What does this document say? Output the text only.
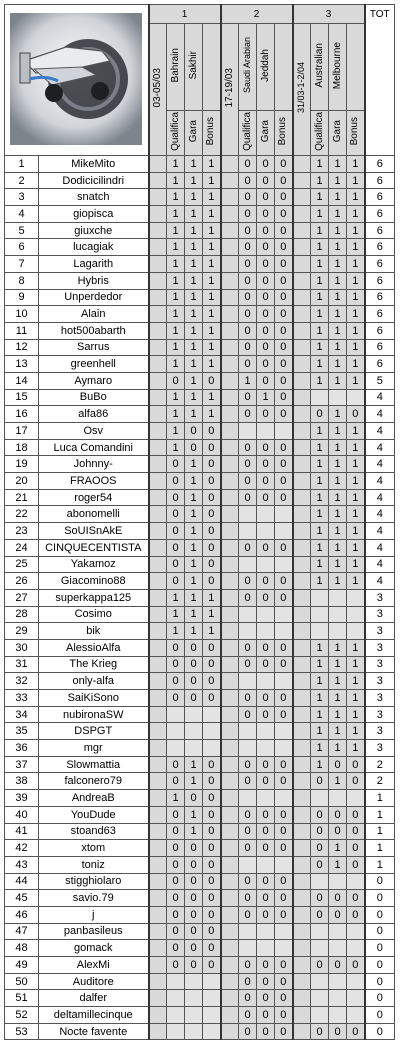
	1				2				3				TOT
		03-05/03	Bahrain	Sakhir		17-19/03	Saudi Arabian	Jeddah		31/03-1-2/04	Australian	Melbourne		
			Qualifica	Gara	Bonus		Qualifica	Gara	Bonus		Qualifica	Gara	Bonus	
1	MikeMito		1	1	1		0	0	0		1	1	1	6
2	Dodicicilindri		1	1	1		0	0	0		1	1	1	6
3	snatch		1	1	1		0	0	0		1	1	1	6
4	giopisca		1	1	1		0	0	0		1	1	1	6
5	giuxche		1	1	1		0	0	0		1	1	1	6
6	lucagiak		1	1	1		0	0	0		1	1	1	6
7	Lagarith		1	1	1		0	0	0		1	1	1	6
8	Hybris		1	1	1		0	0	0		1	1	1	6
9	Unperdedor		1	1	1		0	0	0		1	1	1	6
10	Alain		1	1	1		0	0	0		1	1	1	6
11	hot500abarth		1	1	1		0	0	0		1	1	1	6
12	Sarrus		1	1	1		0	0	0		1	1	1	6
13	greenhell		1	1	1		0	0	0		1	1	1	6
14	Aymaro		0	1	0		1	0	0		1	1	1	5
15	BuBo		1	1	1		0	1	0					4
16	alfa86		1	1	1		0	0	0		0	1	0	4
17	Osv		1	0	0						1	1	1	4
18	Luca Comandini		1	0	0		0	0	0		1	1	1	4
19	Johnny-		0	1	0		0	0	0		1	1	1	4
20	FRAOOS		0	1	0		0	0	0		1	1	1	4
21	roger54		0	1	0		0	0	0		1	1	1	4
22	abonomelli		0	1	0						1	1	1	4
23	SoUISnAkE		0	1	0						1	1	1	4
24	CINQUECENTISTA		0	1	0		0	0	0		1	1	1	4
25	Yakamoz		0	1	0						1	1	1	4
26	Giacomino88		0	1	0		0	0	0		1	1	1	4
27	superkappa125		1	1	1		0	0	0					3
28	Cosimo		1	1	1									3
29	bik		1	1	1									3
30	AlessioAlfa		0	0	0		0	0	0		1	1	1	3
31	The Krieg		0	0	0		0	0	0		1	1	1	3
32	only-alfa		0	0	0						1	1	1	3
33	SaiKiSono		0	0	0		0	0	0		1	1	1	3
34	nubironaSW						0	0	0		1	1	1	3
35	DSPGT										1	1	1	3
36	mgr										1	1	1	3
37	Slowmattia		0	1	0		0	0	0		1	0	0	2
38	falconero79		0	1	0		0	0	0		0	1	0	2
39	AndreaB		1	0	0									1
40	YouDude		0	1	0		0	0	0		0	0	0	1
41	stoand63		0	1	0		0	0	0		0	0	0	1
42	xtom		0	0	0		0	0	0		0	1	0	1
43	toniz		0	0	0						0	1	0	1
44	stigghiolaro		0	0	0		0	0	0					0
45	savio.79		0	0	0		0	0	0		0	0	0	0
46	j		0	0	0		0	0	0		0	0	0	0
47	panbasileus		0	0	0									0
48	gomack		0	0	0									0
49	AlexMi		0	0	0		0	0	0		0	0	0	0
50	Auditore						0	0	0					0
51	dalfer						0	0	0					0
52	deltamillecinque						0	0	0					0
53	Nocte favente						0	0	0		0	0	0	0
